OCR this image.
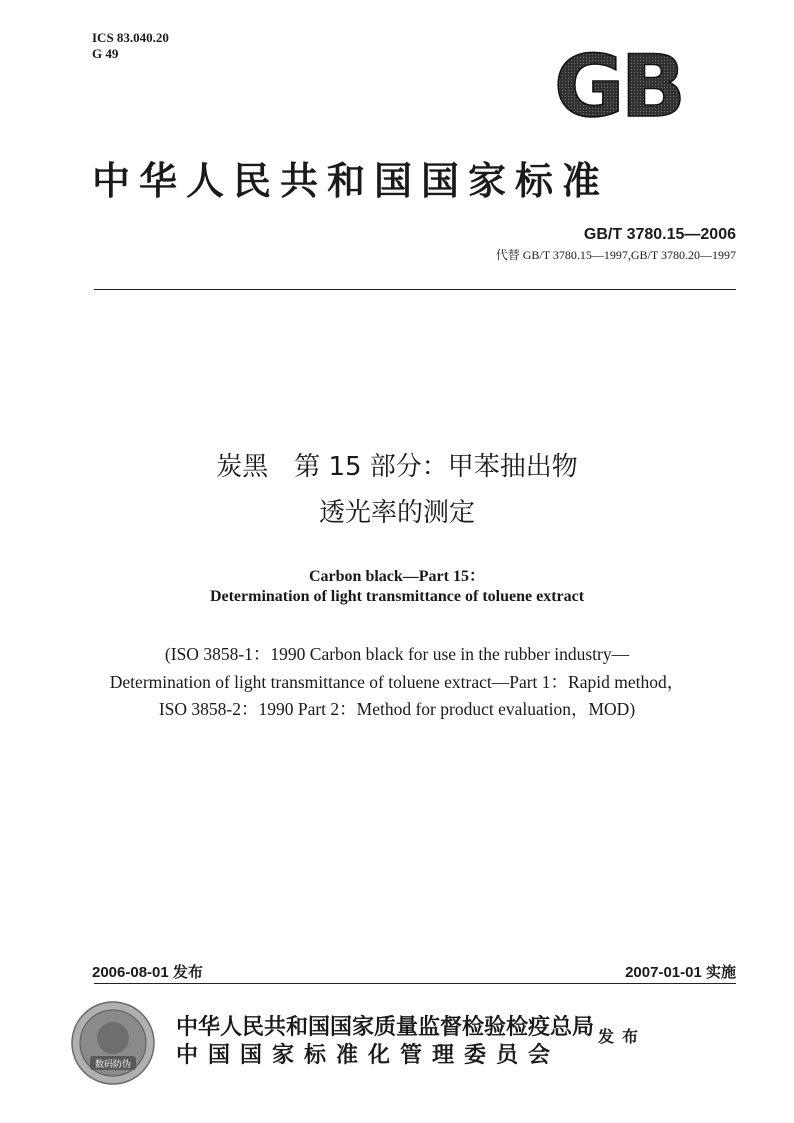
ICS 83.040.20
G 49	GB
中华人民共和国国家标准
GB/T 3780.15—2006
代替 GB/T 3780.15—1997,GB/T 3780.20—1997
炭黑　第 15 部分：甲苯抽出物
透光率的测定
Carbon black—Part 15：
Determination of light transmittance of toluene extract
(ISO 3858-1：1990 Carbon black for use in the rubber industry—
Determination of light transmittance of toluene extract—Part 1：Rapid method，
ISO 3858-2：1990 Part 2：Method for product evaluation，MOD)
2006-08-01 发布	2007-01-01 实施
数码防伪
中华人民共和国国家质量监督检验检疫总局
中国国家标准化管理委员会
发布
